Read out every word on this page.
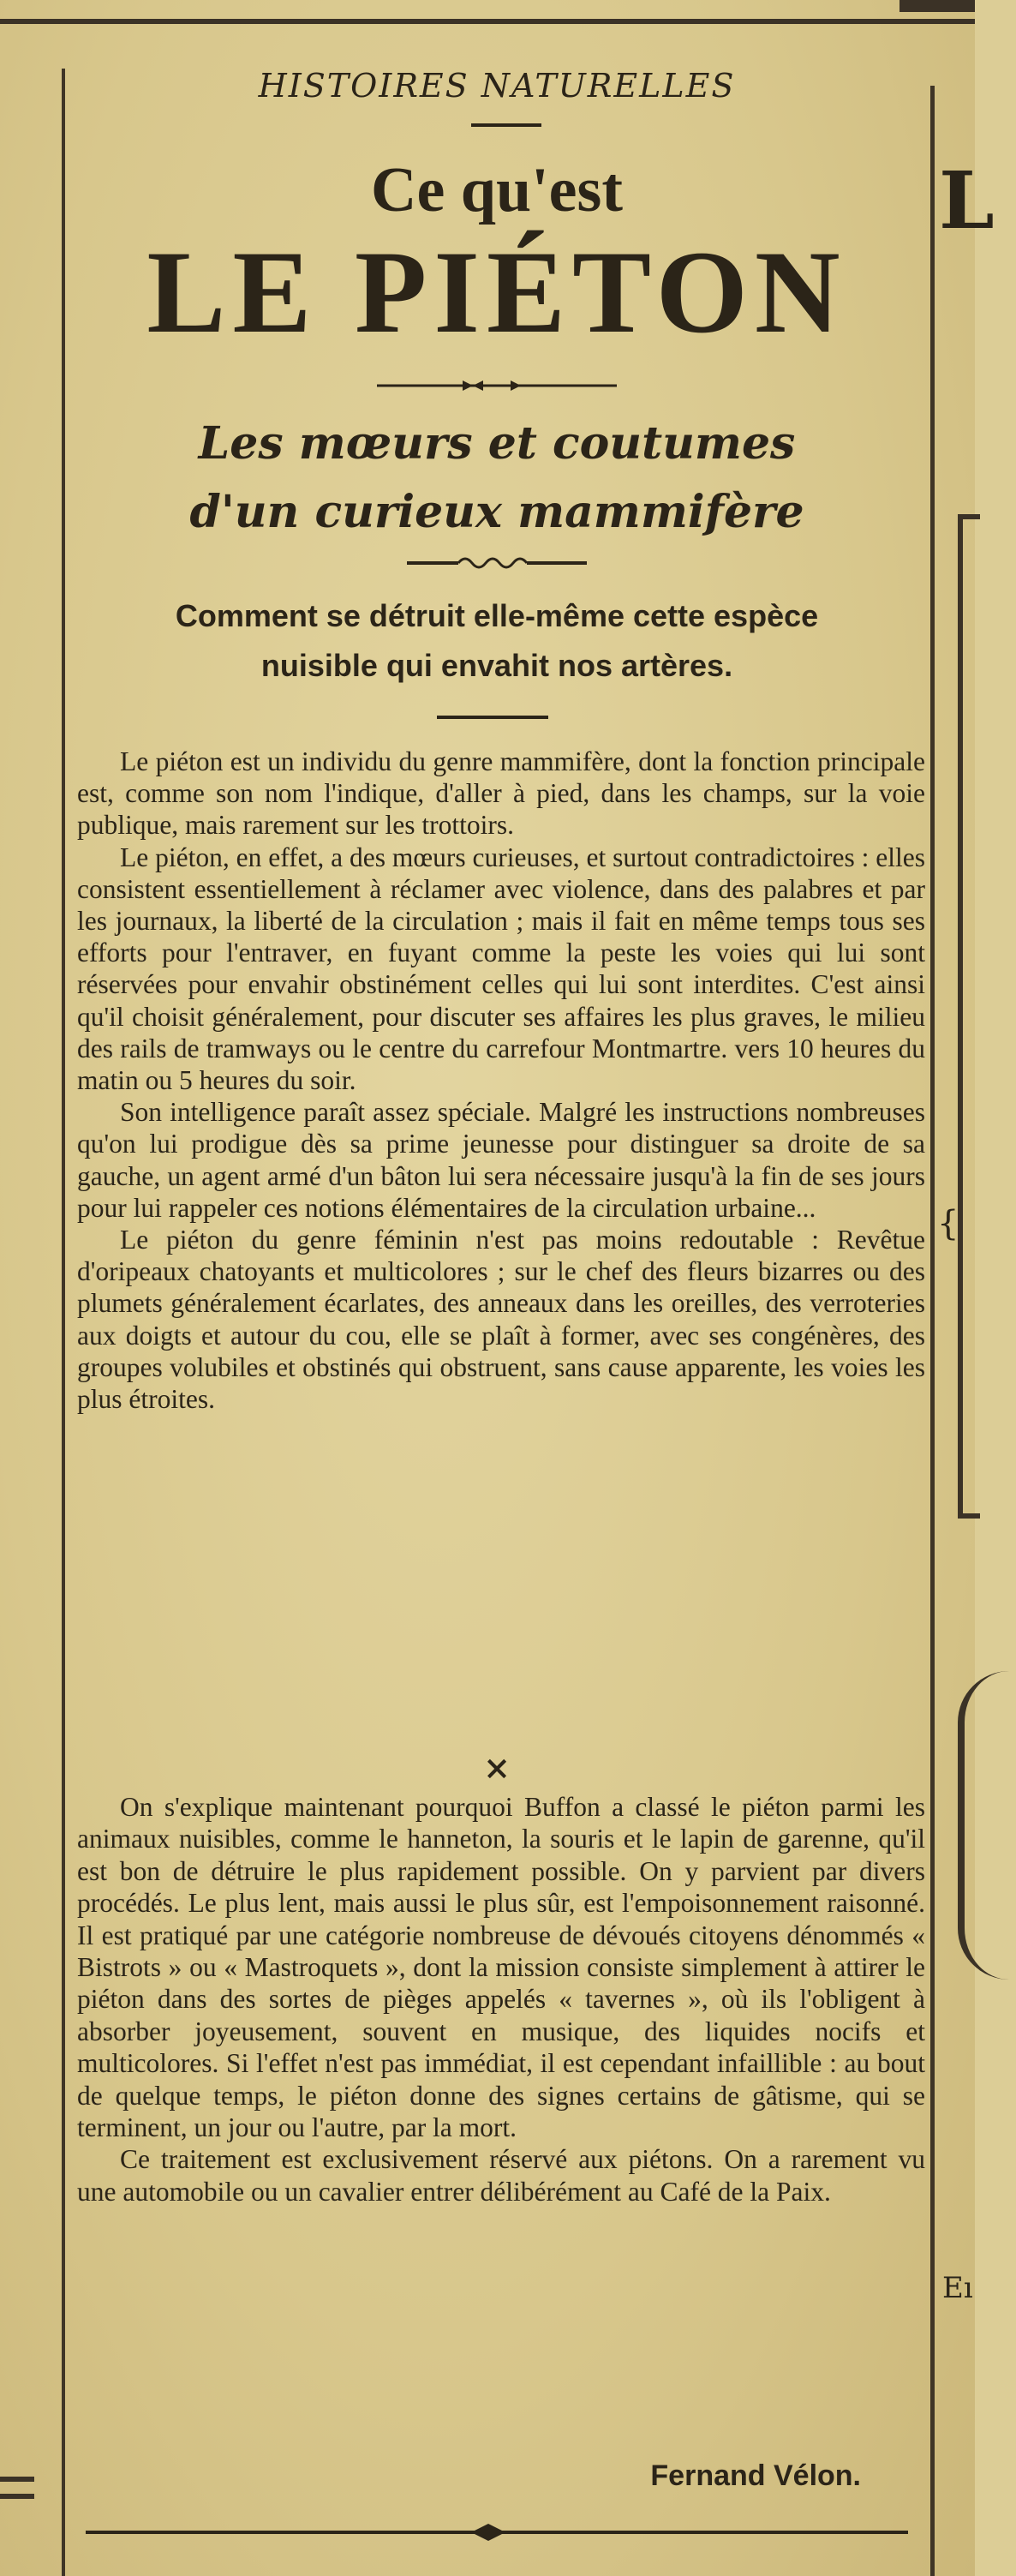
L
{
Eı
HISTOIRES NATURELLES
Ce qu'est
LE PIÉTON
Les mœurs et coutumes
d'un curieux mammifère
Comment se détruit elle-même cette espèce
nuisible qui envahit nos artères.

Le piéton est un individu du genre mammifère, dont la fonction principale est, comme son nom l'indique, d'aller à pied, dans les champs, sur la voie publique, mais rarement sur les trottoirs.

Le piéton, en effet, a des mœurs curieuses, et surtout contradictoires : elles consistent essentiellement à réclamer avec violence, dans des palabres et par les journaux, la liberté de la circulation ; mais il fait en même temps tous ses efforts pour l'entraver, en fuyant comme la peste les voies qui lui sont réservées pour envahir obstinément celles qui lui sont interdites. C'est ainsi qu'il choisit généralement, pour discuter ses affaires les plus graves, le milieu des rails de tramways ou le centre du carrefour Montmartre. vers 10 heures du matin ou 5 heures du soir.

Son intelligence paraît assez spéciale. Malgré les instructions nombreuses qu'on lui prodigue dès sa prime jeunesse pour distinguer sa droite de sa gauche, un agent armé d'un bâton lui sera nécessaire jusqu'à la fin de ses jours pour lui rappeler ces notions élémentaires de la circulation urbaine...

Le piéton du genre féminin n'est pas moins redoutable : Revêtue d'oripeaux chatoyants et multicolores ; sur le chef des fleurs bizarres ou des plumets généralement écarlates, des anneaux dans les oreilles, des verroteries aux doigts et autour du cou, elle se plaît à former, avec ses congénères, des groupes volubiles et obstinés qui obstruent, sans cause apparente, les voies les plus étroites.

×

On s'explique maintenant pourquoi Buffon a classé le piéton parmi les animaux nuisibles, comme le hanneton, la souris et le lapin de garenne, qu'il est bon de détruire le plus rapidement possible. On y parvient par divers procédés. Le plus lent, mais aussi le plus sûr, est l'empoisonnement raisonné. Il est pratiqué par une catégorie nombreuse de dévoués citoyens dénommés « Bistrots » ou « Mastroquets », dont la mission consiste simplement à attirer le piéton dans des sortes de pièges appelés « tavernes », où ils l'obligent à absorber joyeusement, souvent en musique, des liquides nocifs et multicolores. Si l'effet n'est pas immédiat, il est cependant infaillible : au bout de quelque temps, le piéton donne des signes certains de gâtisme, qui se terminent, un jour ou l'autre, par la mort.

Ce traitement est exclusivement réservé aux piétons. On a rarement vu une automobile ou un cavalier entrer délibérément au Café de la Paix.

Fernand Vélon.
